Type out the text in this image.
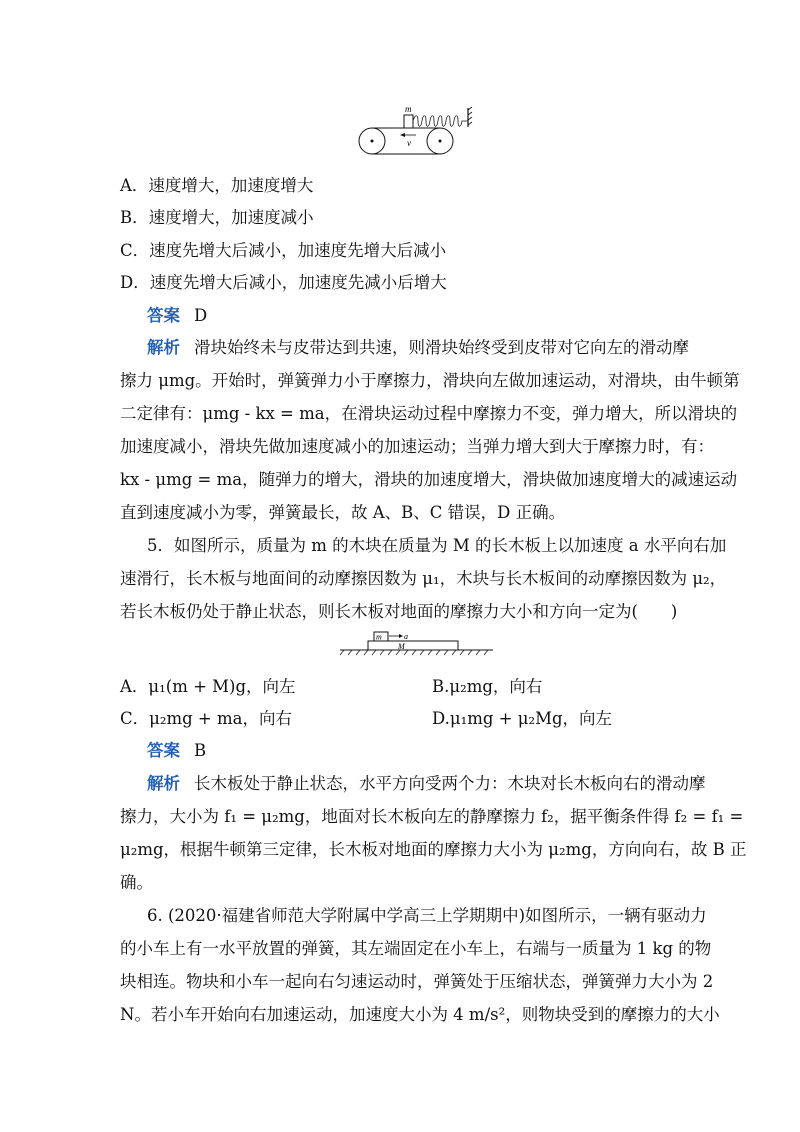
m
v
A．速度增大，加速度增大
B．速度增大，加速度减小
C．速度先增大后减小，加速度先增大后减小
D．速度先增大后减小，加速度先减小后增大
答案 D
解析 滑块始终未与皮带达到共速，则滑块始终受到皮带对它向左的滑动摩
擦力 μmg。开始时，弹簧弹力小于摩擦力，滑块向左做加速运动，对滑块，由牛顿第
二定律有：μmg - kx = ma，在滑块运动过程中摩擦力不变，弹力增大，所以滑块的
加速度减小，滑块先做加速度减小的加速运动；当弹力增大到大于摩擦力时，有：
kx - μmg = ma，随弹力的增大，滑块的加速度增大，滑块做加速度增大的减速运动
直到速度减小为零，弹簧最长，故 A、B、C 错误，D 正确。
5．如图所示，质量为 m 的木块在质量为 M 的长木板上以加速度 a 水平向右加
速滑行，长木板与地面间的动摩擦因数为 μ₁，木块与长木板间的动摩擦因数为 μ₂，
若长木板仍处于静止状态，则长木板对地面的摩擦力大小和方向一定为(　　)
m	a
M
A．μ₁(m + M)g，向左	B.μ₂mg，向右
C．μ₂mg + ma，向右	D.μ₁mg + μ₂Mg，向左
答案 B
解析 长木板处于静止状态，水平方向受两个力：木块对长木板向右的滑动摩
擦力，大小为 f₁ = μ₂mg，地面对长木板向左的静摩擦力 f₂，据平衡条件得 f₂ = f₁ =
μ₂mg，根据牛顿第三定律，长木板对地面的摩擦力大小为 μ₂mg，方向向右，故 B 正
确。
6. (2020·福建省师范大学附属中学高三上学期期中)如图所示，一辆有驱动力
的小车上有一水平放置的弹簧，其左端固定在小车上，右端与一质量为 1 kg 的物
块相连。物块和小车一起向右匀速运动时，弹簧处于压缩状态，弹簧弹力大小为 2
N。若小车开始向右加速运动，加速度大小为 4 m/s²，则物块受到的摩擦力的大小
